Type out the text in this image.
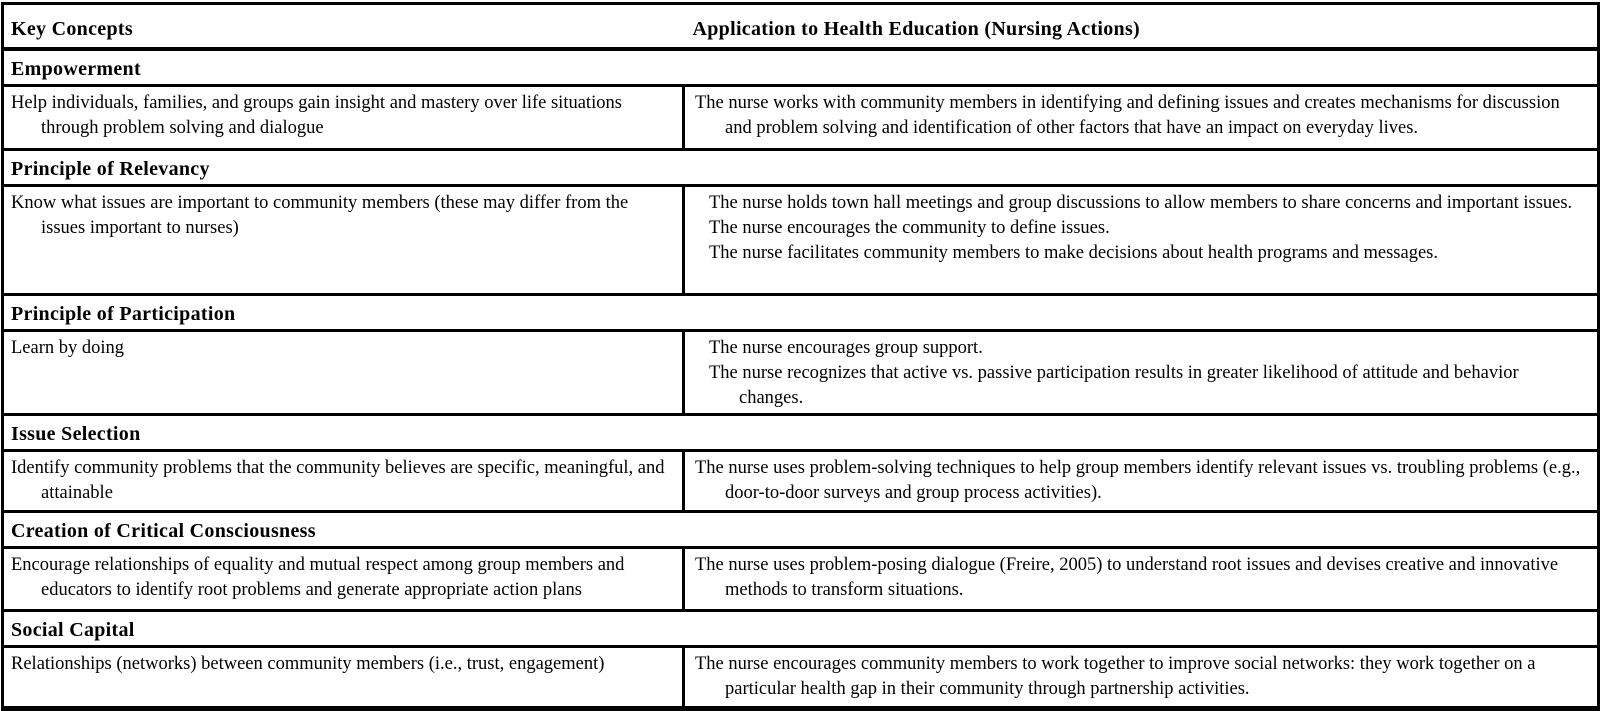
Key Concepts	Application to Health Education (Nursing Actions)
Empowerment	

Help individuals, families, and groups gain insight and mastery over life situations through problem solving and dialogue	The nurse works with community members in identifying and defining issues and creates mechanisms for discussion and problem solving and identification of other factors that have an impact on everyday lives.

Principle of Relevancy	

Know what issues are important to community members (these may differ from the issues important to nurses)	The nurse holds town hall meetings and group discussions to allow members to share concerns and important issues.

The nurse encourages the community to define issues.

The nurse facilitates community members to make decisions about health programs and messages.

Principle of Participation	

Learn by doing	The nurse encourages group support.

The nurse recognizes that active vs. passive participation results in greater likelihood of attitude and behavior changes.

Issue Selection	

Identify community problems that the community believes are specific, meaningful, and attainable	The nurse uses problem-solving techniques to help group members identify relevant issues vs. troubling problems (e.g., door-to-door surveys and group process activities).

Creation of Critical Consciousness	

Encourage relationships of equality and mutual respect among group members and educators to identify root problems and generate appropriate action plans	The nurse uses problem-posing dialogue (Freire, 2005) to understand root issues and devises creative and innovative methods to transform situations.

Social Capital	

Relationships (networks) between community members (i.e., trust, engagement)	The nurse encourages community members to work together to improve social networks: they work together on a particular health gap in their community through partnership activities.
